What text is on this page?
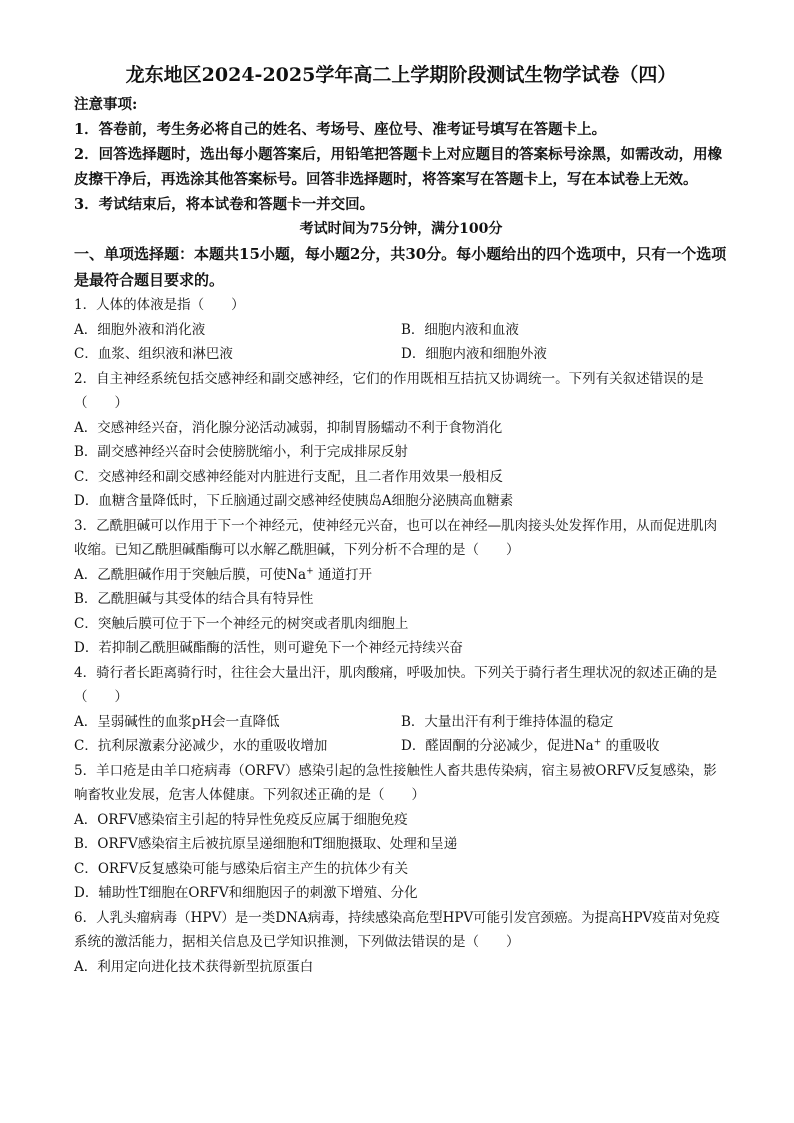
龙东地区2024-2025学年高二上学期阶段测试生物学试卷（四）
注意事项:
1．答卷前，考生务必将自己的姓名、考场号、座位号、准考证号填写在答题卡上。
2．回答选择题时，选出每小题答案后，用铅笔把答题卡上对应题目的答案标号涂黑，如需改动，用橡皮擦干净后，再选涂其他答案标号。回答非选择题时，将答案写在答题卡上，写在本试卷上无效。
3．考试结束后，将本试卷和答题卡一并交回。
考试时间为75分钟，满分100分
一、单项选择题：本题共15小题，每小题2分，共30分。每小题给出的四个选项中，只有一个选项是最符合题目要求的。
1．人体的体液是指（　　）
A．细胞外液和消化液	B．细胞内液和血液
C．血浆、组织液和淋巴液	D．细胞内液和细胞外液
2．自主神经系统包括交感神经和副交感神经，它们的作用既相互拮抗又协调统一。下列有关叙述错误的是（　　）
A．交感神经兴奋，消化腺分泌活动减弱，抑制胃肠蠕动不利于食物消化
B．副交感神经兴奋时会使膀胱缩小，利于完成排尿反射
C．交感神经和副交感神经能对内脏进行支配，且二者作用效果一般相反
D．血糖含量降低时，下丘脑通过副交感神经使胰岛A细胞分泌胰高血糖素
3．乙酰胆碱可以作用于下一个神经元，使神经元兴奋，也可以在神经—肌肉接头处发挥作用，从而促进肌肉收缩。已知乙酰胆碱酯酶可以水解乙酰胆碱，下列分析不合理的是（　　）
A．乙酰胆碱作用于突触后膜，可使Na+ 通道打开
B．乙酰胆碱与其受体的结合具有特异性
C．突触后膜可位于下一个神经元的树突或者肌肉细胞上
D．若抑制乙酰胆碱酯酶的活性，则可避免下一个神经元持续兴奋
4．骑行者长距离骑行时，往往会大量出汗，肌肉酸痛，呼吸加快。下列关于骑行者生理状况的叙述正确的是（　　）
A．呈弱碱性的血浆pH会一直降低	B．大量出汗有利于维持体温的稳定
C．抗利尿激素分泌减少，水的重吸收增加	D．醛固酮的分泌减少，促进Na+ 的重吸收
5．羊口疮是由羊口疮病毒（ORFV）感染引起的急性接触性人畜共患传染病，宿主易被ORFV反复感染，影响畜牧业发展，危害人体健康。下列叙述正确的是（　　）
A．ORFV感染宿主引起的特异性免疫反应属于细胞免疫
B．ORFV感染宿主后被抗原呈递细胞和T细胞摄取、处理和呈递
C．ORFV反复感染可能与感染后宿主产生的抗体少有关
D．辅助性T细胞在ORFV和细胞因子的刺激下增殖、分化
6．人乳头瘤病毒（HPV）是一类DNA病毒，持续感染高危型HPV可能引发宫颈癌。为提高HPV疫苗对免疫系统的激活能力，据相关信息及已学知识推测，下列做法错误的是（　　）
A．利用定向进化技术获得新型抗原蛋白
